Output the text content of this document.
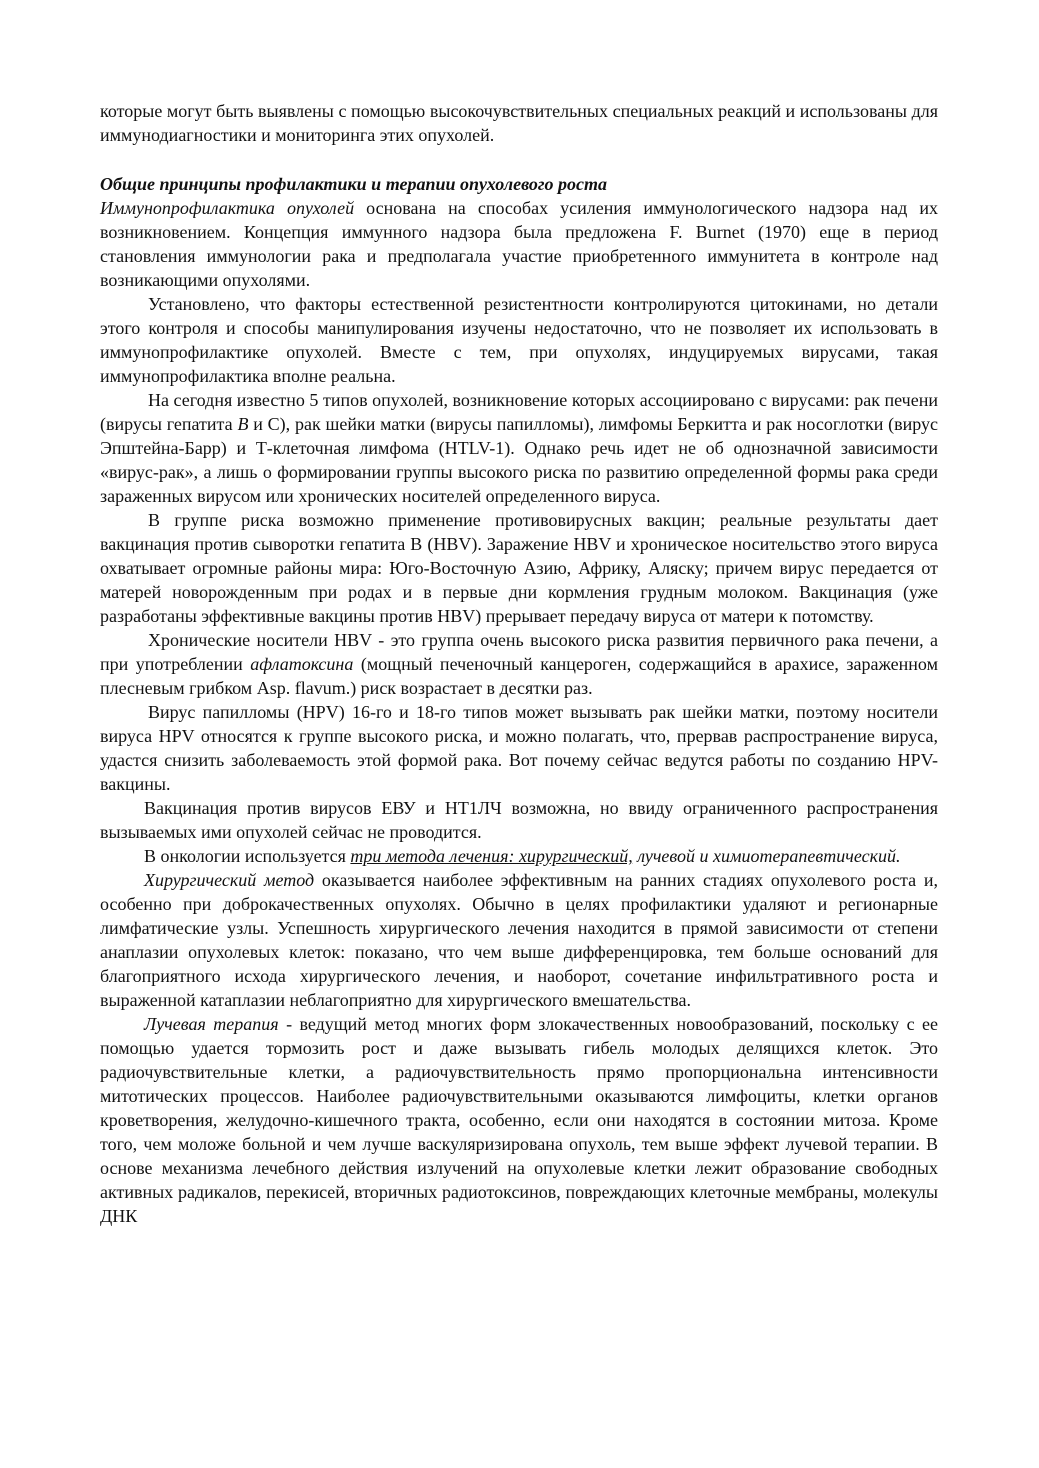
которые могут быть выявлены с помощью высокочувствительных специальных реакций и использованы для иммунодиагностики и мониторинга этих опухолей.

Общие принципы профилактики и терапии опухолевого роста

Иммунопрофилактика опухолей основана на способах усиления иммунологического надзора над их возникновением. Концепция иммунного надзора была предложена F. Burnet (1970) еще в период становления иммунологии рака и предполагала участие приобретенного иммунитета в контроле над возникающими опухолями.

Установлено, что факторы естественной резистентности контролируются цитокинами, но детали этого контроля и способы манипулирования изучены недостаточно, что не позволяет их использовать в иммунопрофилактике опухолей. Вместе с тем, при опухолях, индуцируемых вирусами, такая иммунопрофилактика вполне реальна.

На сегодня известно 5 типов опухолей, возникновение которых ассоциировано с вирусами: рак печени (вирусы гепатита В и С), рак шейки матки (вирусы папилломы), лимфомы Беркитта и рак носоглотки (вирус Эпштейна-Барр) и Т-клеточная лимфома (HTLV-1). Однако речь идет не об однозначной зависимости «вирус-рак», а лишь о формировании группы высокого риска по развитию определенной формы рака среди зараженных вирусом или хронических носителей определенного вируса.

В группе риска возможно применение противовирусных вакцин; реальные результаты дает вакцинация против сыворотки гепатита В (HBV). Заражение HBV и хроническое носительство этого вируса охватывает огромные районы мира: Юго-Восточную Азию, Африку, Аляску; причем вирус передается от матерей новорожденным при родах и в первые дни кормления грудным молоком. Вакцинация (уже разработаны эффективные вакцины против HBV) прерывает передачу вируса от матери к потомству.

Хронические носители HBV - это группа очень высокого риска развития первичного рака печени, а при употреблении афлатоксина (мощный печеночный канцероген, содержащийся в арахисе, зараженном плесневым грибком Asp. flavum.) риск возрастает в десятки раз.

Вирус папилломы (HPV) 16-го и 18-го типов может вызывать рак шейки матки, поэтому носители вируса HPV относятся к группе высокого риска, и можно полагать, что, прервав распространение вируса, удастся снизить заболеваемость этой формой рака. Вот почему сейчас ведутся работы по созданию HPV-вакцины.

Вакцинация против вирусов ЕВУ и НТ1ЛЧ возможна, но ввиду ограниченного распространения вызываемых ими опухолей сейчас не проводится.

В онкологии используется три метода лечения: хирургический, лучевой и химиотерапевтический.

Хирургический метод оказывается наиболее эффективным на ранних стадиях опухолевого роста и, особенно при доброкачественных опухолях. Обычно в целях профилактики удаляют и регионарные лимфатические узлы. Успешность хирургического лечения находится в прямой зависимости от степени анаплазии опухолевых клеток: показано, что чем выше дифференцировка, тем больше оснований для благоприятного исхода хирургического лечения, и наоборот, сочетание инфильтративного роста и выраженной катаплазии неблагоприятно для хирургического вмешательства.

Лучевая терапия - ведущий метод многих форм злокачественных новообразований, поскольку с ее помощью удается тормозить рост и даже вызывать гибель молодых делящихся клеток. Это радиочувствительные клетки, а радиочувствительность прямо пропорциональна интенсивности митотических процессов. Наиболее радиочувствительными оказываются лимфоциты, клетки органов кроветворения, желудочно-кишечного тракта, особенно, если они находятся в состоянии митоза. Кроме того, чем моложе больной и чем лучше васкуляризирована опухоль, тем выше эффект лучевой терапии. В основе механизма лечебного действия излучений на опухолевые клетки лежит образование свободных активных радикалов, перекисей, вторичных радиотоксинов, повреждающих клеточные мембраны, молекулы ДНК
